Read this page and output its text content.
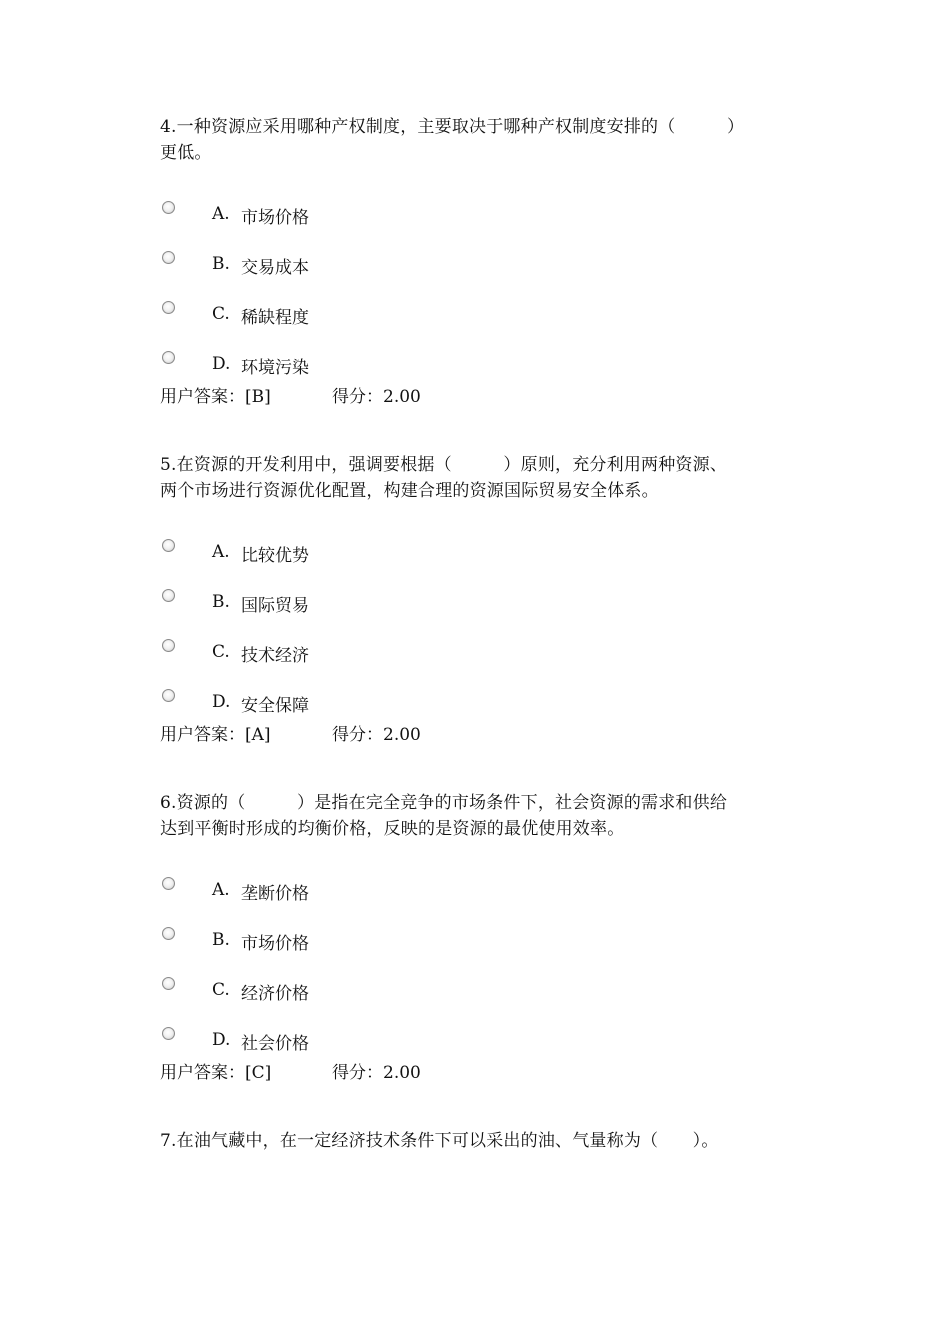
4.一种资源应采用哪种产权制度，主要取决于哪种产权制度安排的（　　　）
更低。

A. 市场价格
B. 交易成本
C. 稀缺程度
D. 环境污染
用户答案：[B]	得分：2.00

5.在资源的开发利用中，强调要根据（　　　）原则，充分利用两种资源、
两个市场进行资源优化配置，构建合理的资源国际贸易安全体系。

A. 比较优势
B. 国际贸易
C. 技术经济
D. 安全保障
用户答案：[A]	得分：2.00

6.资源的（　　　）是指在完全竞争的市场条件下，社会资源的需求和供给
达到平衡时形成的均衡价格，反映的是资源的最优使用效率。

A. 垄断价格
B. 市场价格
C. 经济价格
D. 社会价格
用户答案：[C]	得分：2.00

7.在油气藏中，在一定经济技术条件下可以采出的油、气量称为（　　）。
